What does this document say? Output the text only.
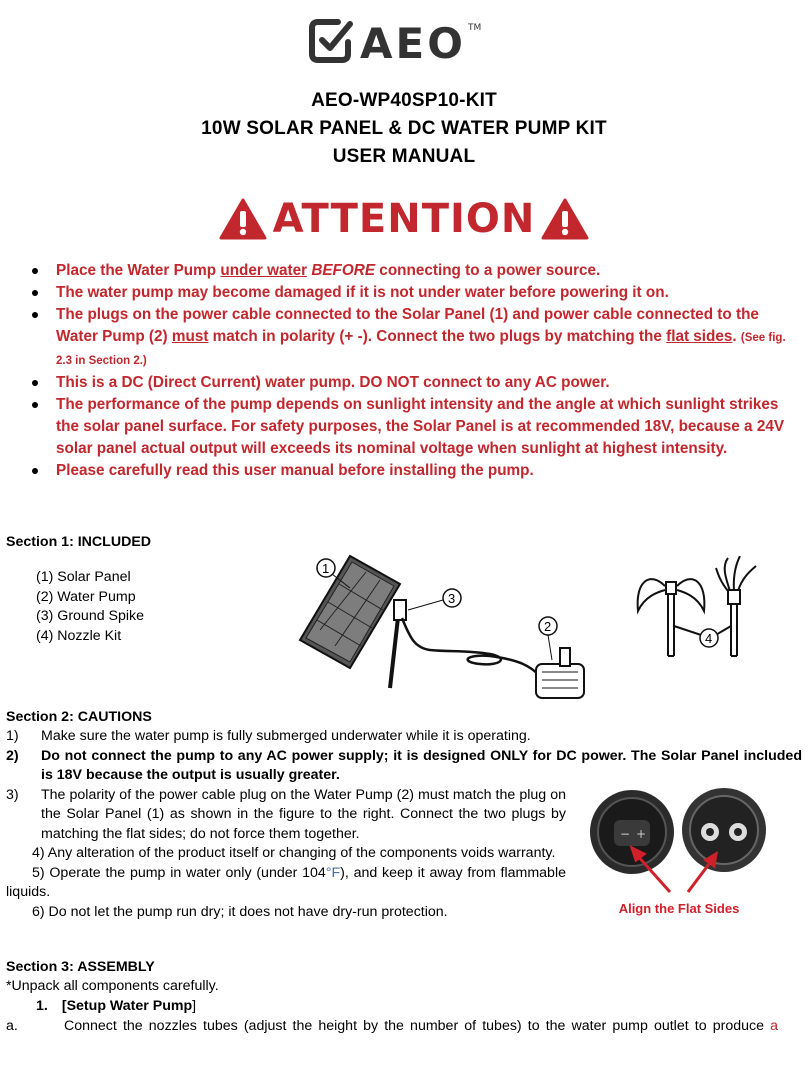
AEO TM
AEO-WP40SP10-KIT
10W SOLAR PANEL & DC WATER PUMP KIT
USER MANUAL
ATTENTION
Place the Water Pump under water BEFORE connecting to a power source.
The water pump may become damaged if it is not under water before powering it on.
The plugs on the power cable connected to the Solar Panel (1) and power cable connected to the Water Pump (2) must match in polarity (+ -). Connect the two plugs by matching the flat sides. (See fig. 2.3 in Section 2.)
This is a DC (Direct Current) water pump. DO NOT connect to any AC power.
The performance of the pump depends on sunlight intensity and the angle at which sunlight strikes the solar panel surface. For safety purposes, the Solar Panel is at recommended 18V, because a 24V solar panel actual output will exceeds its nominal voltage when sunlight at highest intensity.
Please carefully read this user manual before installing the pump.
Section 1: INCLUDED
(1) Solar Panel
(2) Water Pump
(3) Ground Spike
(4) Nozzle Kit
1
3
2
4
Section 2: CAUTIONS
1)	Make sure the water pump is fully submerged underwater while it is operating.
2)	Do not connect the pump to any AC power supply; it is designed ONLY for DC power. The Solar Panel included is 18V because the output is usually greater.
3)	The polarity of the power cable plug on the Water Pump (2) must match the plug on the Solar Panel (1) as shown in the figure to the right. Connect the two plugs by matching the flat sides; do not force them together.
4) Any alteration of the product itself or changing of the components voids warranty.
5) Operate the pump in water only (under 104°F), and keep it away from flammable liquids.
6) Do not let the pump run dry; it does not have dry-run protection.
− +
Align the Flat Sides
Section 3: ASSEMBLY
*Unpack all components carefully.
1. [Setup Water Pump]
a.	Connect the nozzles tubes (adjust the height by the number of tubes) to the water pump outlet to produce a
